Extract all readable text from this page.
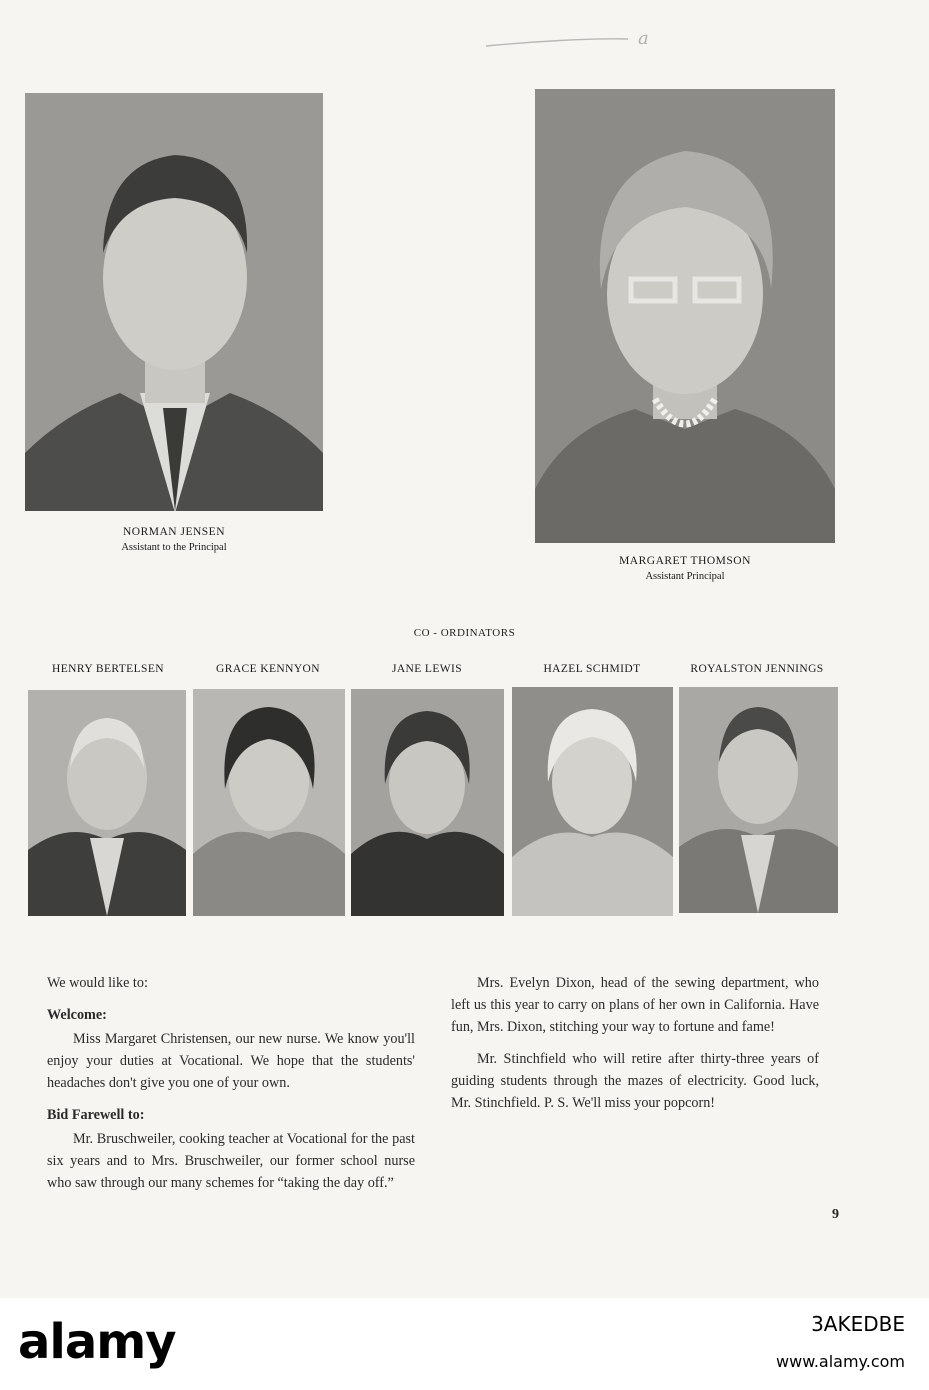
a
NORMAN JENSEN
Assistant to the Principal
MARGARET THOMSON
Assistant Principal
CO - ORDINATORS
HENRY BERTELSEN	GRACE KENNYON	JANE LEWIS	HAZEL SCHMIDT	ROYALSTON JENNINGS

We would like to:

Welcome:

Miss Margaret Christensen, our new nurse. We know you'll enjoy your duties at Vocational. We hope that the students' headaches don't give you one of your own.

Bid Farewell to:

Mr. Bruschweiler, cooking teacher at Vocational for the past six years and to Mrs. Bruschweiler, our former school nurse who saw through our many schemes for “taking the day off.”

Mrs. Evelyn Dixon, head of the sewing department, who left us this year to carry on plans of her own in California. Have fun, Mrs. Dixon, stitching your way to fortune and fame!

Mr. Stinchfield who will retire after thirty-three years of guiding students through the mazes of electricity. Good luck, Mr. Stinchfield. P. S. We'll miss your popcorn!

9
alamy	3AKEDBE
www.alamy.com
